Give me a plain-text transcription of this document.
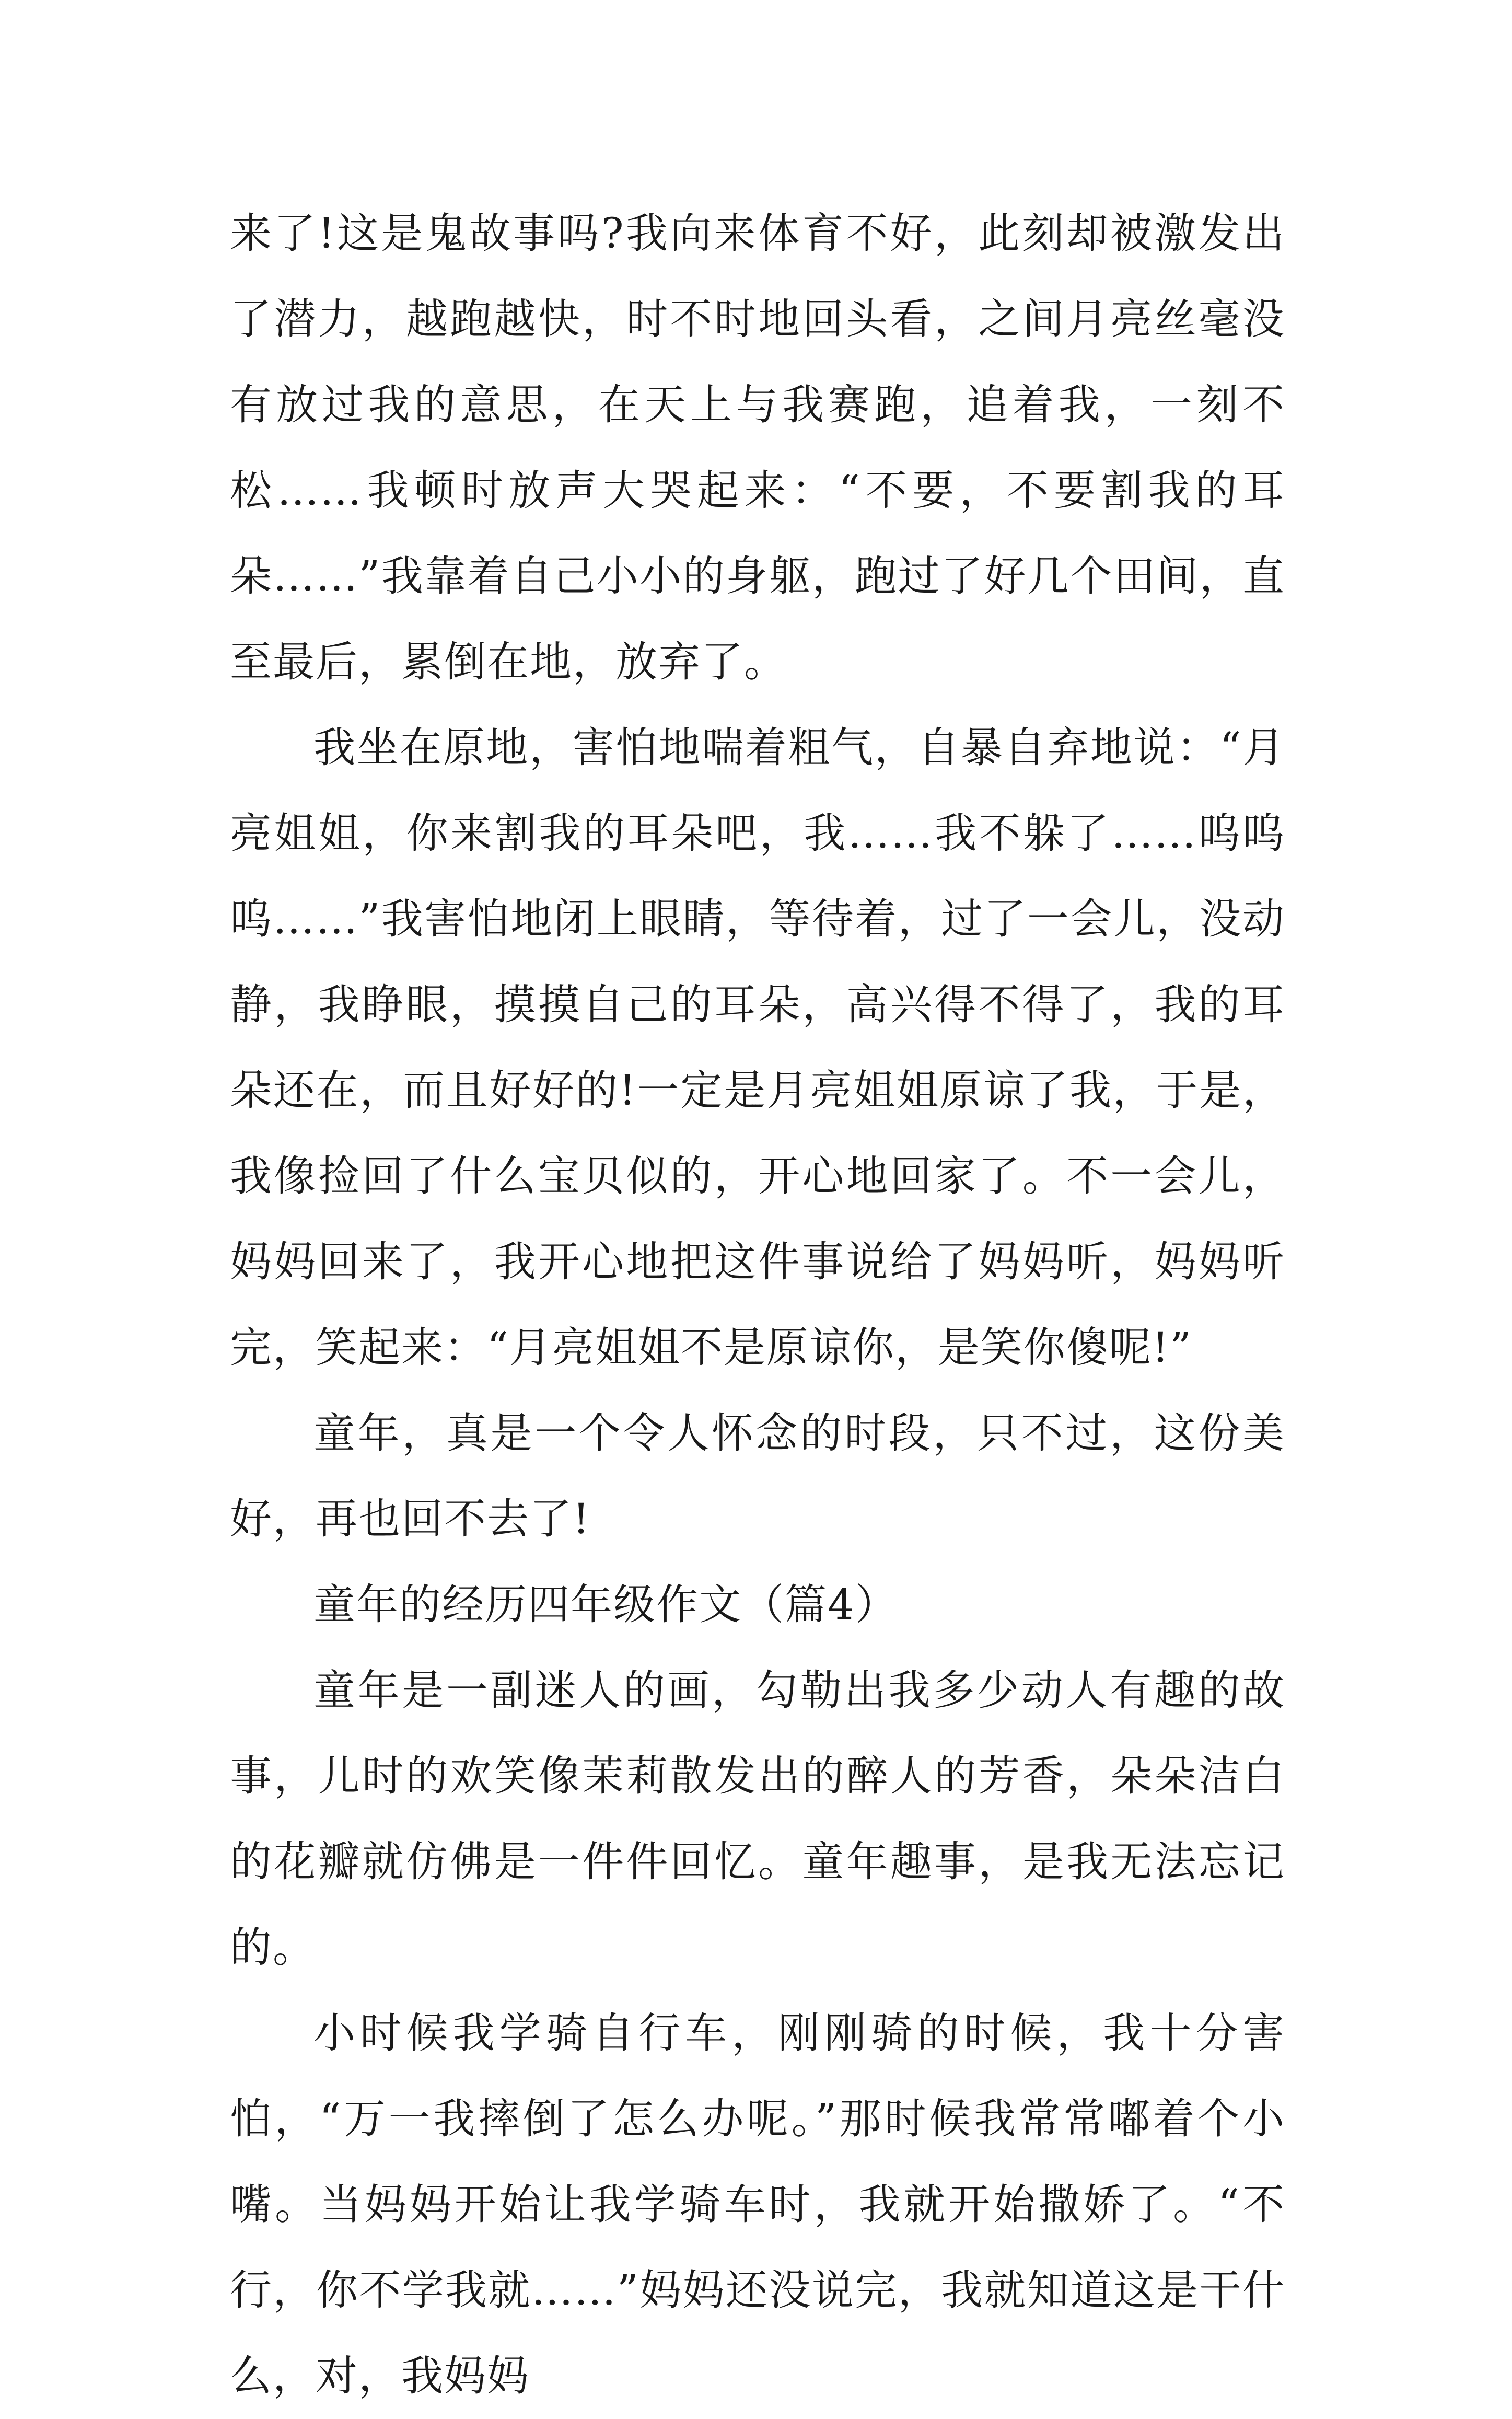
来了!这是鬼故事吗?我向来体育不好，此刻却被激发出了潜力，越跑越快，时不时地回头看，之间月亮丝毫没有放过我的意思，在天上与我赛跑，追着我，一刻不松……我顿时放声大哭起来：“不要，不要割我的耳朵……”我靠着自己小小的身躯，跑过了好几个田间，直至最后，累倒在地，放弃了。

我坐在原地，害怕地喘着粗气，自暴自弃地说：“月亮姐姐，你来割我的耳朵吧，我……我不躲了……呜呜呜……”我害怕地闭上眼睛，等待着，过了一会儿，没动静，我睁眼，摸摸自己的耳朵，高兴得不得了，我的耳朵还在，而且好好的!一定是月亮姐姐原谅了我，于是，我像捡回了什么宝贝似的，开心地回家了。不一会儿，妈妈回来了，我开心地把这件事说给了妈妈听，妈妈听完，笑起来：“月亮姐姐不是原谅你，是笑你傻呢!”

童年，真是一个令人怀念的时段，只不过，这份美好，再也回不去了!

童年的经历四年级作文（篇4）

童年是一副迷人的画，勾勒出我多少动人有趣的故事，儿时的欢笑像茉莉散发出的醉人的芳香，朵朵洁白的花瓣就仿佛是一件件回忆。童年趣事，是我无法忘记的。

小时候我学骑自行车，刚刚骑的时候，我十分害怕，“万一我摔倒了怎么办呢。”那时候我常常嘟着个小嘴。当妈妈开始让我学骑车时，我就开始撒娇了。“不行，你不学我就……”妈妈还没说完，我就知道这是干什么，对，我妈妈
